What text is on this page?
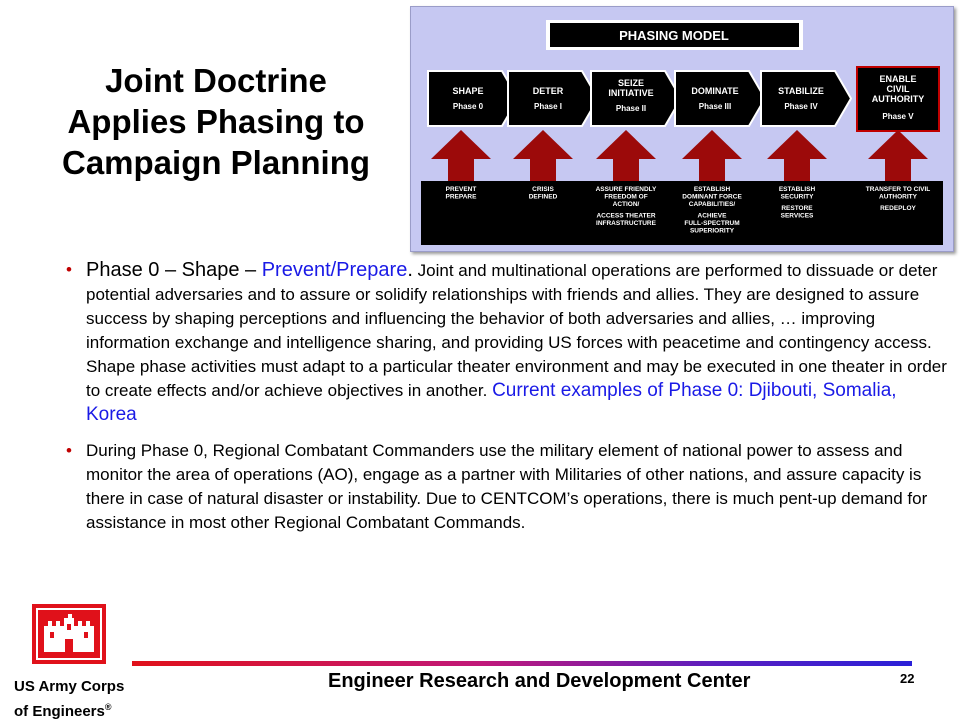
Joint Doctrine
Applies Phasing to
Campaign Planning
PHASING MODEL
SHAPE
Phase 0
DETER
Phase I
SEIZE
INITIATIVE
Phase II
DOMINATE
Phase III
STABILIZE
Phase IV
ENABLE
CIVIL
AUTHORITY
Phase V
PREVENT
PREPARE
CRISIS
DEFINED
ASSURE FRIENDLY
FREEDOM OF
ACTION/
ACCESS THEATER
INFRASTRUCTURE
ESTABLISH
DOMINANT FORCE
CAPABILITIES/
ACHIEVE
FULL-SPECTRUM
SUPERIORITY
ESTABLISH
SECURITY
RESTORE
SERVICES
TRANSFER TO CIVIL
AUTHORITY
REDEPLOY
• Phase 0 – Shape – Prevent/Prepare. Joint and multinational operations are performed to dissuade or deter potential adversaries and to assure or solidify relationships with friends and allies. They are designed to assure success by shaping perceptions and influencing the behavior of both adversaries and allies, … improving information exchange and intelligence sharing, and providing US forces with peacetime and contingency access. Shape phase activities must adapt to a particular theater environment and may be executed in one theater in order to create effects and/or achieve objectives in another. Current examples of Phase 0: Djibouti, Somalia, Korea
• During Phase 0, Regional Combatant Commanders use the military element of national power to assess and monitor the area of operations (AO), engage as a partner with Militaries of other nations, and assure capacity is there in case of natural disaster or instability. Due to CENTCOM’s operations, there is much pent-up demand for assistance in most other Regional Combatant Commands.
US Army Corps
of Engineers®
Engineer Research and Development Center	22
